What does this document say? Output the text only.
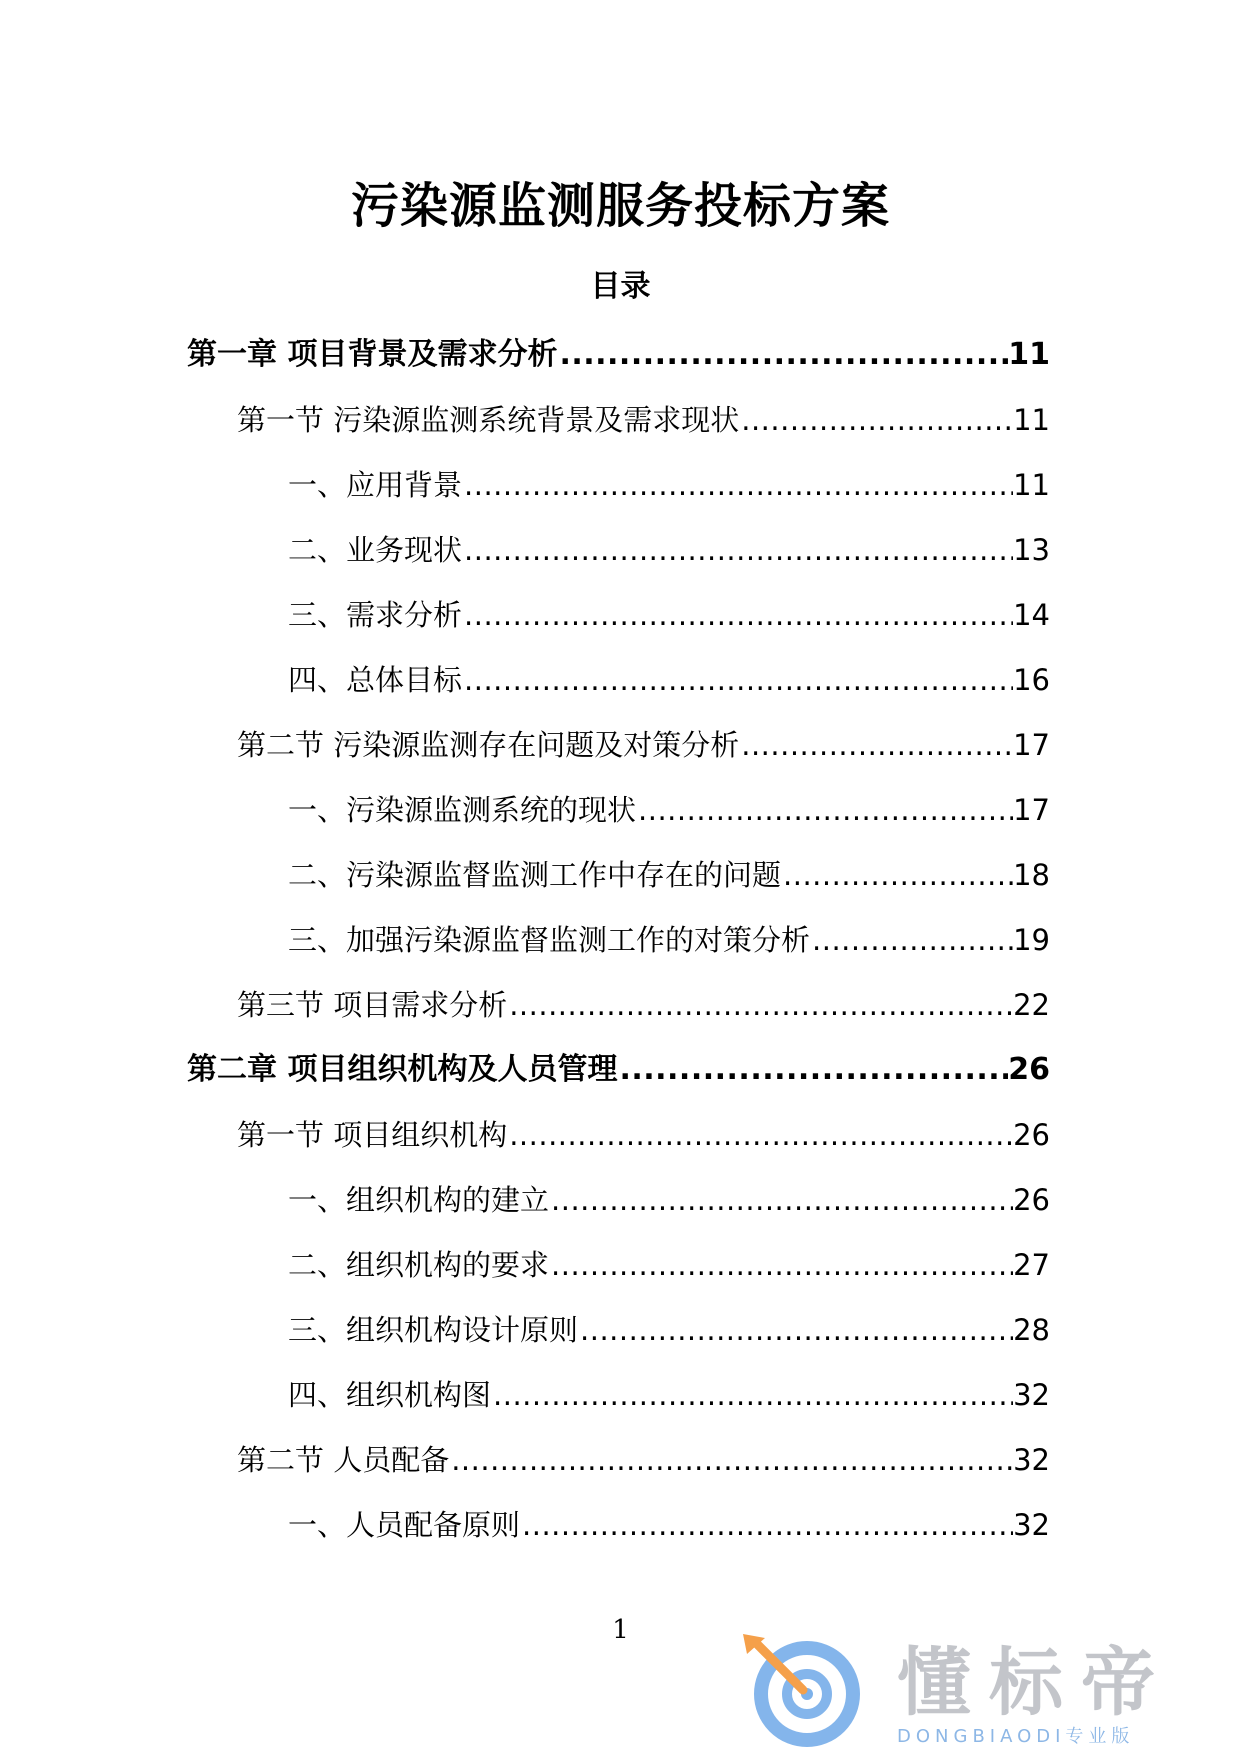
污染源监测服务投标方案
目录
第一章 项目背景及需求分析 .....	11
第一节 污染源监测系统背景及需求现状 .....	11
一、应用背景 .....	11
二、业务现状 .....	13
三、需求分析 .....	14
四、总体目标 .....	16
第二节 污染源监测存在问题及对策分析 .....	17
一、污染源监测系统的现状 .....	17
二、污染源监督监测工作中存在的问题 .....	18
三、加强污染源监督监测工作的对策分析 .....	19
第三节 项目需求分析 .....	22
第二章 项目组织机构及人员管理 .....	26
第一节 项目组织机构 .....	26
一、组织机构的建立 .....	26
二、组织机构的要求 .....	27
三、组织机构设计原则 .....	28
四、组织机构图 .....	32
第二节 人员配备 .....	32
一、人员配备原则 .....	32
1
懂标帝
DONGBIAODI专业版
